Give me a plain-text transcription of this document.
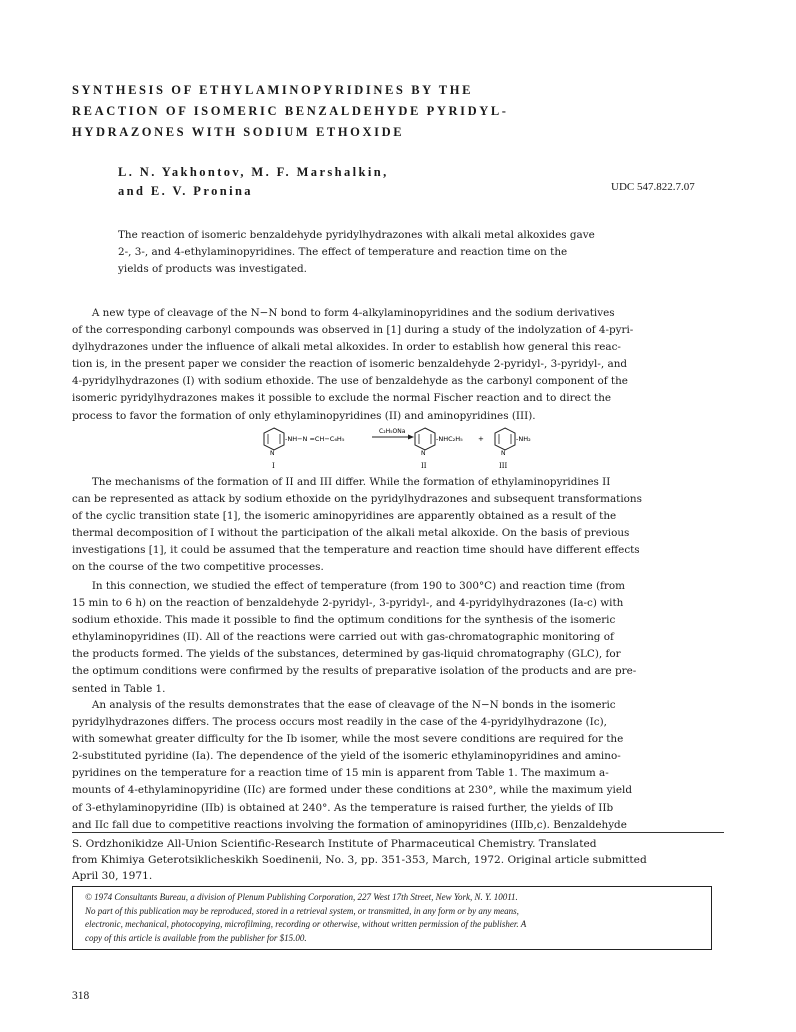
SYNTHESIS OF ETHYLAMINOPYRIDINES BY THE
REACTION OF ISOMERIC BENZALDEHYDE PYRIDYL-
HYDRAZONES WITH SODIUM ETHOXIDE
L. N. Yakhontov, M. F. Marshalkin,
and E. V. Pronina	UDC 547.822.7.07
The reaction of isomeric benzaldehyde pyridylhydrazones with alkali metal alkoxides gave
2-, 3-, and 4-ethylaminopyridines. The effect of temperature and reaction time on the
yields of products was investigated.
A new type of cleavage of the N−N bond to form 4-alkylaminopyridines and the sodium derivatives
of the corresponding carbonyl compounds was observed in [1] during a study of the indolyzation of 4-pyri-
dylhydrazones under the influence of alkali metal alkoxides. In order to establish how general this reac-
tion is, in the present paper we consider the reaction of isomeric benzaldehyde 2-pyridyl-, 3-pyridyl-, and
4-pyridylhydrazones (I) with sodium ethoxide. The use of benzaldehyde as the carbonyl component of the
isomeric pyridylhydrazones makes it possible to exclude the normal Fischer reaction and to direct the
process to favor the formation of only ethylaminopyridines (II) and aminopyridines (III).
N
-NH−N =CH−C₆H₅
C₂H₅ONa
N
-NHC₂H₅ +
N
-NH₂
I	II	III
The mechanisms of the formation of II and III differ. While the formation of ethylaminopyridines II
can be represented as attack by sodium ethoxide on the pyridylhydrazones and subsequent transformations
of the cyclic transition state [1], the isomeric aminopyridines are apparently obtained as a result of the
thermal decomposition of I without the participation of the alkali metal alkoxide. On the basis of previous
investigations [1], it could be assumed that the temperature and reaction time should have different effects
on the course of the two competitive processes.
In this connection, we studied the effect of temperature (from 190 to 300°C) and reaction time (from
15 min to 6 h) on the reaction of benzaldehyde 2-pyridyl-, 3-pyridyl-, and 4-pyridylhydrazones (Ia-c) with
sodium ethoxide. This made it possible to find the optimum conditions for the synthesis of the isomeric
ethylaminopyridines (II). All of the reactions were carried out with gas-chromatographic monitoring of
the products formed. The yields of the substances, determined by gas-liquid chromatography (GLC), for
the optimum conditions were confirmed by the results of preparative isolation of the products and are pre-
sented in Table 1.
An analysis of the results demonstrates that the ease of cleavage of the N−N bonds in the isomeric
pyridylhydrazones differs. The process occurs most readily in the case of the 4-pyridylhydrazone (Ic),
with somewhat greater difficulty for the Ib isomer, while the most severe conditions are required for the
2-substituted pyridine (Ia). The dependence of the yield of the isomeric ethylaminopyridines and amino-
pyridines on the temperature for a reaction time of 15 min is apparent from Table 1. The maximum a-
mounts of 4-ethylaminopyridine (IIc) are formed under these conditions at 230°, while the maximum yield
of 3-ethylaminopyridine (IIb) is obtained at 240°. As the temperature is raised further, the yields of IIb
and IIc fall due to competitive reactions involving the formation of aminopyridines (IIIb,c). Benzaldehyde
S. Ordzhonikidze All-Union Scientific-Research Institute of Pharmaceutical Chemistry. Translated
from Khimiya Geterotsiklicheskikh Soedinenii, No. 3, pp. 351-353, March, 1972. Original article submitted
April 30, 1971.
© 1974 Consultants Bureau, a division of Plenum Publishing Corporation, 227 West 17th Street, New York, N. Y. 10011.
No part of this publication may be reproduced, stored in a retrieval system, or transmitted, in any form or by any means,
electronic, mechanical, photocopying, microfilming, recording or otherwise, without written permission of the publisher. A
copy of this article is available from the publisher for $15.00.
318
